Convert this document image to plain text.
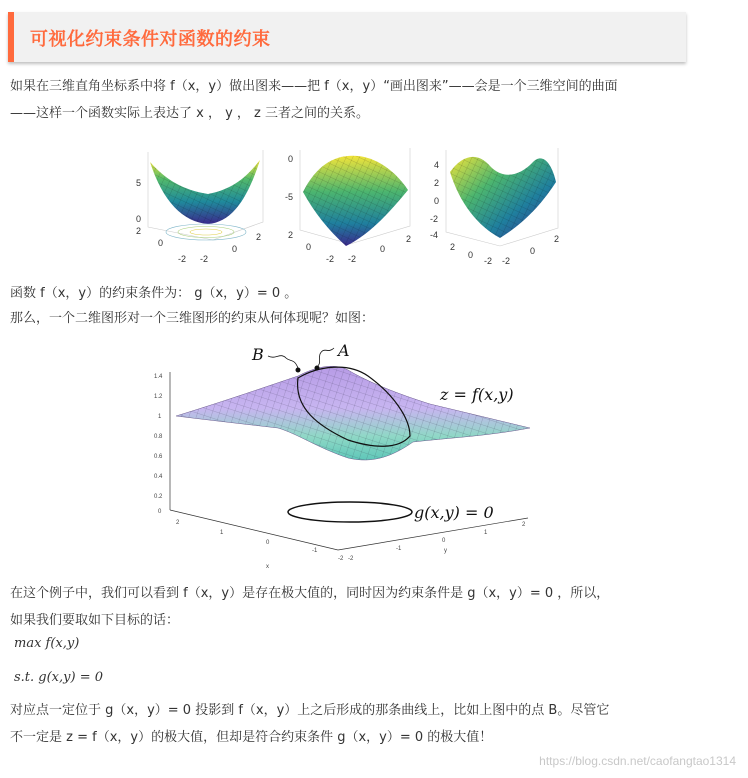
可视化约束条件对函数的约束
如果在三维直角坐标系中将 f（x，y）做出图来——把 f（x，y）“画出图来”——会是一个三维空间的曲面
——这样一个函数实际上表达了 x ， y ， z 三者之间的关系。
5
0
2
0
-2 -2
0
2
0
-5
2
0
-2 -2
0
2
4
2
0
-2
-4
2
0
-2 -2
0
2
函数 f（x，y）的约束条件为： g（x，y）= 0 。
那么，一个二维图形对一个三维图形的约束从何体现呢？如图：
1.4
1.2
1
0.8
0.6
0.4
0.2
0
2
1
0
-1
-2 -2
-1
0
1
2
x
y
B	A
z = f(x,y)
g(x,y) = 0
在这个例子中，我们可以看到 f（x，y）是存在极大值的，同时因为约束条件是 g（x，y）= 0 ，所以，
如果我们要取如下目标的话：
max f(x,y)
s.t. g(x,y) = 0
对应点一定位于 g（x，y）= 0 投影到 f（x，y）上之后形成的那条曲线上，比如上图中的点 B。尽管它
不一定是 z = f（x，y）的极大值，但却是符合约束条件 g（x，y）= 0 的极大值！
https://blog.csdn.net/caofangtao1314
